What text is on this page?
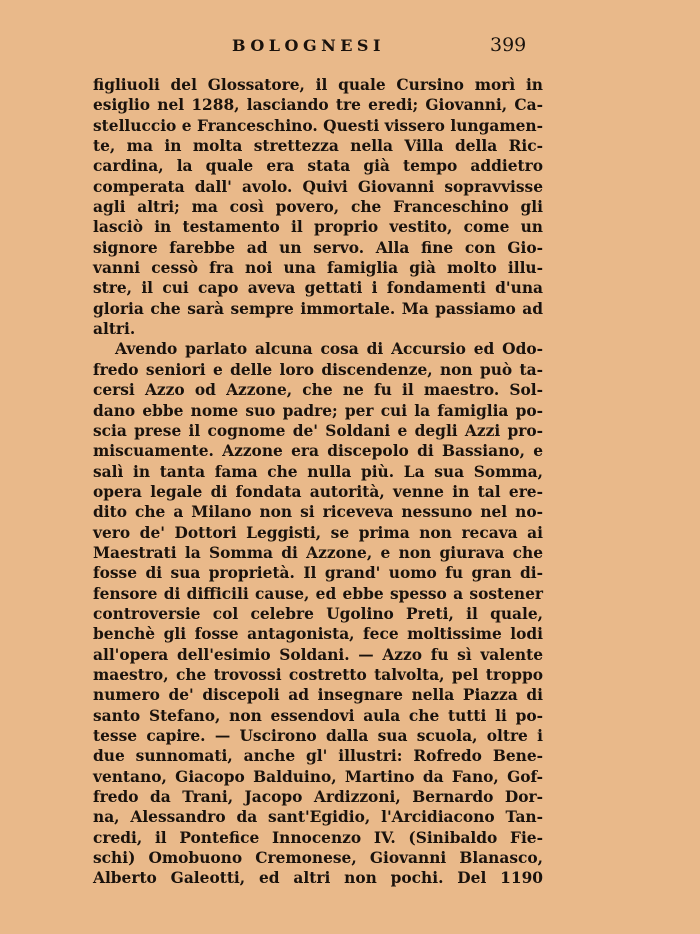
BOLOGNESI	399
figliuoli del Glossatore, il quale Cursino morì in
esiglio nel 1288, lasciando tre eredi; Giovanni, Ca-
stelluccio e Franceschino. Questi vissero lungamen-
te, ma in molta strettezza nella Villa della Ric-
cardina, la quale era stata già tempo addietro
comperata dall' avolo. Quivi Giovanni sopravvisse
agli altri; ma così povero, che Franceschino gli
lasciò in testamento il proprio vestito, come un
signore farebbe ad un servo. Alla fine con Gio-
vanni cessò fra noi una famiglia già molto illu-
stre, il cui capo aveva gettati i fondamenti d'una
gloria che sarà sempre immortale. Ma passiamo ad
altri.
Avendo parlato alcuna cosa di Accursio ed Odo-
fredo seniori e delle loro discendenze, non può ta-
cersi Azzo od Azzone, che ne fu il maestro. Sol-
dano ebbe nome suo padre; per cui la famiglia po-
scia prese il cognome de' Soldani e degli Azzi pro-
miscuamente. Azzone era discepolo di Bassiano, e
salì in tanta fama che nulla più. La sua Somma,
opera legale di fondata autorità, venne in tal ere-
dito che a Milano non si riceveva nessuno nel no-
vero de' Dottori Leggisti, se prima non recava ai
Maestrati la Somma di Azzone, e non giurava che
fosse di sua proprietà. Il grand' uomo fu gran di-
fensore di difficili cause, ed ebbe spesso a sostener
controversie col celebre Ugolino Preti, il quale,
benchè gli fosse antagonista, fece moltissime lodi
all'opera dell'esimio Soldani. — Azzo fu sì valente
maestro, che trovossi costretto talvolta, pel troppo
numero de' discepoli ad insegnare nella Piazza di
santo Stefano, non essendovi aula che tutti li po-
tesse capire. — Uscirono dalla sua scuola, oltre i
due sunnomati, anche gl' illustri: Rofredo Bene-
ventano, Giacopo Balduino, Martino da Fano, Gof-
fredo da Trani, Jacopo Ardizzoni, Bernardo Dor-
na, Alessandro da sant'Egidio, l'Arcidiacono Tan-
credi, il Pontefice Innocenzo IV. (Sinibaldo Fie-
schi) Omobuono Cremonese, Giovanni Blanasco,
Alberto Galeotti, ed altri non pochi. Del 1190
